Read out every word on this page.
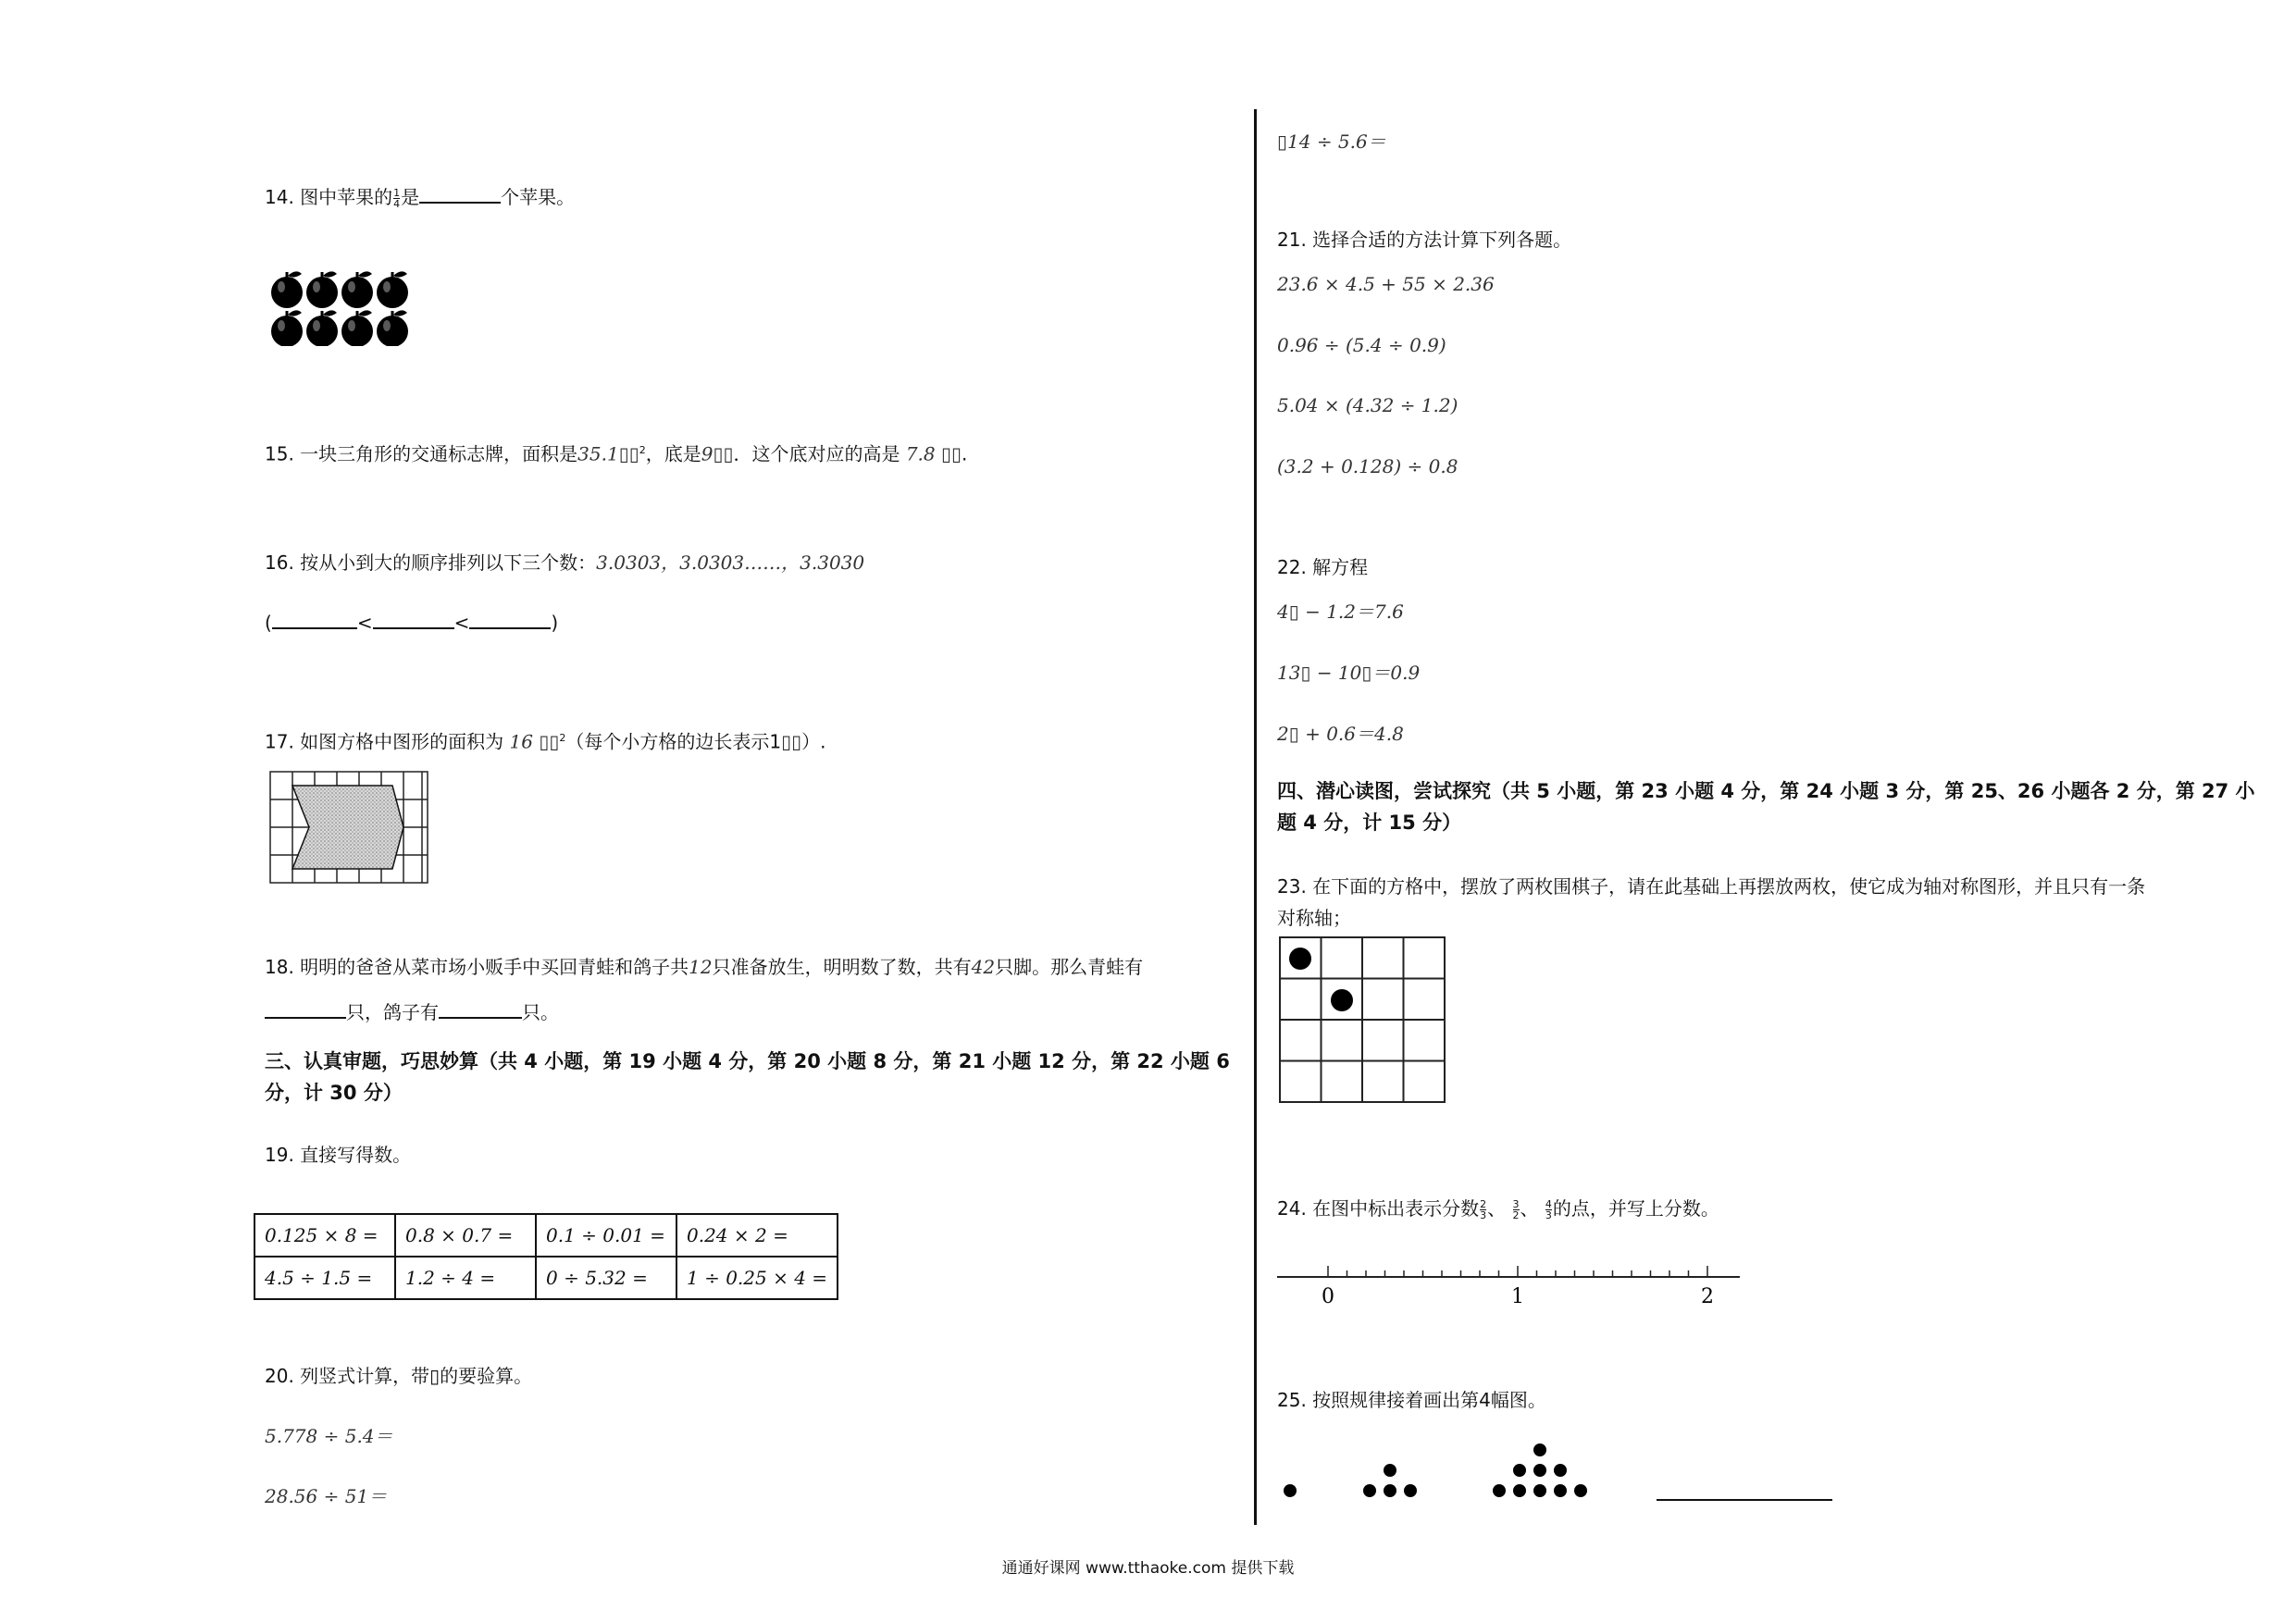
14. 图中苹果的 $\frac{1}{4}$ 是	个苹果。
15. 一块三角形的交通标志牌，面积是35.1▯▯$^2$，底是9▯▯．这个底对应的高是 7.8 ▯▯.
16. 按从小到大的顺序排列以下三个数：3.0303，3.0303……，3.3030
(	<	<	)
17. 如图方格中图形的面积为 16 ▯▯$^2$（每个小方格的边长表示1▯▯）.
18. 明明的爸爸从菜市场小贩手中买回青蛙和鸽子共12只准备放生，明明数了数，共有42只脚。那么青蛙有
只，鸽子有	只。
三、认真审题，巧思妙算（共 4 小题，第 19 小题 4 分，第 20 小题 8 分，第 21 小题 12 分，第 22 小题 6
分，计 30 分）
19. 直接写得数。
0.125 × 8 =	0.8 × 0.7 =	0.1 ÷ 0.01 =	0.24 × 2 =
4.5 ÷ 1.5 =	1.2 ÷ 4 =	0 ÷ 5.32 =	1 ÷ 0.25 × 4 =
20. 列竖式计算，带▯的要验算。
5.778 ÷ 5.4＝
28.56 ÷ 51＝
▯14 ÷ 5.6＝
21. 选择合适的方法计算下列各题。
23.6 × 4.5 + 55 × 2.36
0.96 ÷ (5.4 ÷ 0.9)
5.04 × (4.32 ÷ 1.2)
(3.2 + 0.128) ÷ 0.8
22. 解方程
4▯ − 1.2＝7.6
13▯ − 10▯＝0.9
2▯ + 0.6＝4.8
四、潜心读图，尝试探究（共 5 小题，第 23 小题 4 分，第 24 小题 3 分，第 25、26 小题各 2 分，第 27 小
题 4 分，计 15 分）
23. 在下面的方格中，摆放了两枚围棋子，请在此基础上再摆放两枚，使它成为轴对称图形，并且只有一条
对称轴；
24. 在图中标出表示分数 $\frac{2}{3}$ 、 $\frac{3}{2}$ 、 $\frac{4}{3}$ 的点，并写上分数。
0	1	2
25. 按照规律接着画出第4幅图。
通通好课网 www.tthaoke.com 提供下载
